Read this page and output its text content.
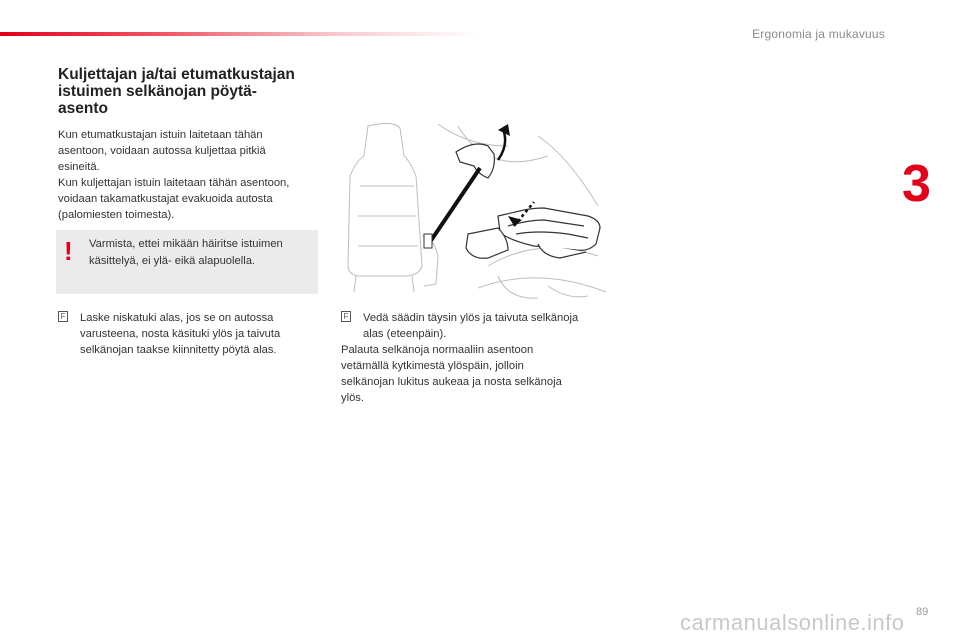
Ergonomia ja mukavuus
3
Kuljettajan ja/tai etumatkustajan
istuimen selkänojan pöytä-
asento

Kun etumatkustajan istuin laitetaan tähän

asentoon, voidaan autossa kuljettaa pitkiä

esineitä.

Kun kuljettajan istuin laitetaan tähän asentoon,

voidaan takamatkustajat evakuoida autosta

(palomiesten toimesta).

! Varmista, ettei mikään häiritse istuimen

käsittelyä, ei ylä- eikä alapuolella.

F Laske niskatuki alas, jos se on autossa

varusteena, nosta käsituki ylös ja taivuta

selkänojan taakse kiinnitetty pöytä alas.

F Vedä säädin täysin ylös ja taivuta selkänoja

alas (eteenpäin).

Palauta selkänoja normaaliin asentoon

vetämällä kytkimestä ylöspäin, jolloin

selkänojan lukitus aukeaa ja nosta selkänoja

ylös.

89
carmanualsonline.info
